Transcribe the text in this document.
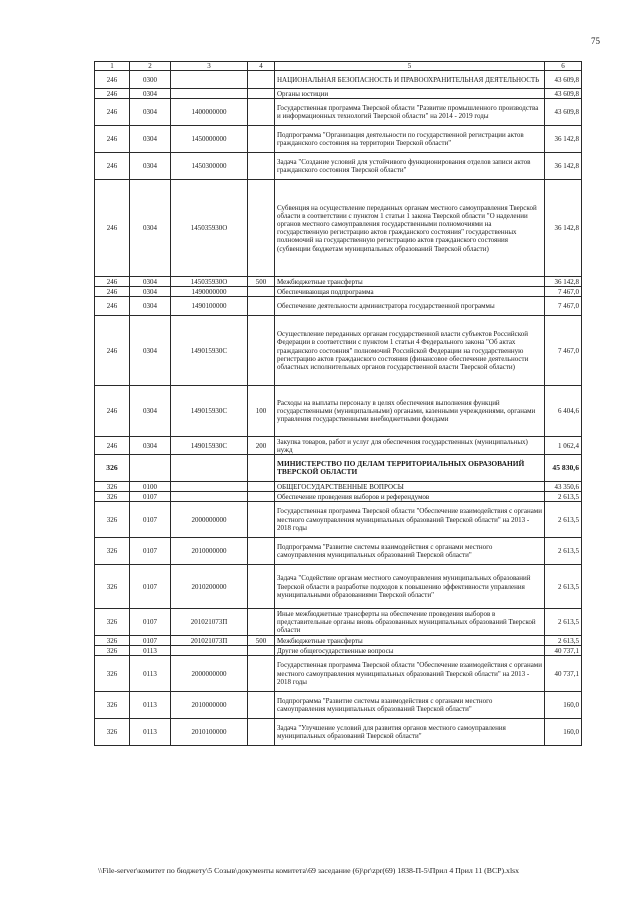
75
1	2	3	4	5	6
246	0300			НАЦИОНАЛЬНАЯ БЕЗОПАСНОСТЬ И ПРАВООХРАНИТЕЛЬНАЯ ДЕЯТЕЛЬНОСТЬ	43 609,8
246	0304			Органы юстиции	43 609,8
246	0304	1400000000		Государственная программа Тверской области "Развитие промышленного производства и информационных технологий Тверской области" на 2014 - 2019 годы	43 609,8
246	0304	1450000000		Подпрограмма "Организация деятельности по государственной регистрации актов гражданского состояния на территории Тверской области"	36 142,8
246	0304	1450300000		Задача "Создание условий для устойчивого функционирования отделов записи актов гражданского состояния Тверской области"	36 142,8
246	0304	145035930О		Субвенция на осуществление переданных органам местного самоуправления Тверской области в соответствии с пунктом 1 статьи 1 закона Тверской области "О наделении органов местного самоуправления государственными полномочиями на государственную регистрацию актов гражданского состояния" государственных полномочий на государственную регистрацию актов гражданского состояния (субвенции бюджетам муниципальных образований Тверской области)	36 142,8
246	0304	145035930О	500	Межбюджетные трансферты	36 142,8
246	0304	1490000000		Обеспечивающая подпрограмма	7 467,0
246	0304	1490100000		Обеспечение деятельности администратора государственной программы	7 467,0
246	0304	149015930С		Осуществление переданных органам государственной власти субъектов Российской Федерации в соответствии с пунктом 1 статьи 4 Федерального закона "Об актах гражданского состояния" полномочий Российской Федерации на государственную регистрацию актов гражданского состояния (финансовое обеспечение деятельности областных исполнительных органов государственной власти Тверской области)	7 467,0
246	0304	149015930С	100	Расходы на выплаты персоналу в целях обеспечения выполнения функций государственными (муниципальными) органами, казенными учреждениями, органами управления государственными внебюджетными фондами	6 404,6
246	0304	149015930С	200	Закупка товаров, работ и услуг для обеспечения государственных (муниципальных) нужд	1 062,4
326				МИНИСТЕРСТВО ПО ДЕЛАМ ТЕРРИТОРИАЛЬНЫХ ОБРАЗОВАНИЙ ТВЕРСКОЙ ОБЛАСТИ	45 830,6
326	0100			ОБЩЕГОСУДАРСТВЕННЫЕ ВОПРОСЫ	43 350,6
326	0107			Обеспечение проведения выборов и референдумов	2 613,5
326	0107	2000000000		Государственная программа Тверской области "Обеспечение взаимодействия с органами местного самоуправления муниципальных образований Тверской области" на 2013 - 2018 годы	2 613,5
326	0107	2010000000		Подпрограмма "Развитие системы взаимодействия с органами местного самоуправления муниципальных образований Тверской области"	2 613,5
326	0107	2010200000		Задача "Содействие органам местного самоуправления муниципальных образований Тверской области в разработке подходов к повышению эффективности управления муниципальными образованиями Тверской области"	2 613,5
326	0107	201021073П		Иные межбюджетные трансферты на обеспечение проведения выборов в представительные органы вновь образованных муниципальных образований Тверской области	2 613,5
326	0107	201021073П	500	Межбюджетные трансферты	2 613,5
326	0113			Другие общегосударственные вопросы	40 737,1
326	0113	2000000000		Государственная программа Тверской области "Обеспечение взаимодействия с органами местного самоуправления муниципальных образований Тверской области" на 2013 - 2018 годы	40 737,1
326	0113	2010000000		Подпрограмма "Развитие системы взаимодействия с органами местного самоуправления муниципальных образований Тверской области"	160,0
326	0113	2010100000		Задача "Улучшение условий для развития органов местного самоуправления муниципальных образований Тверской области"	160,0
\\File-server\комитет по бюджету\5 Созыв\документы комитета\69 заседание (6)\pr\zpr(69) 1838-П-5\Прил 4 Прил 11 (ВСР).xlsx
